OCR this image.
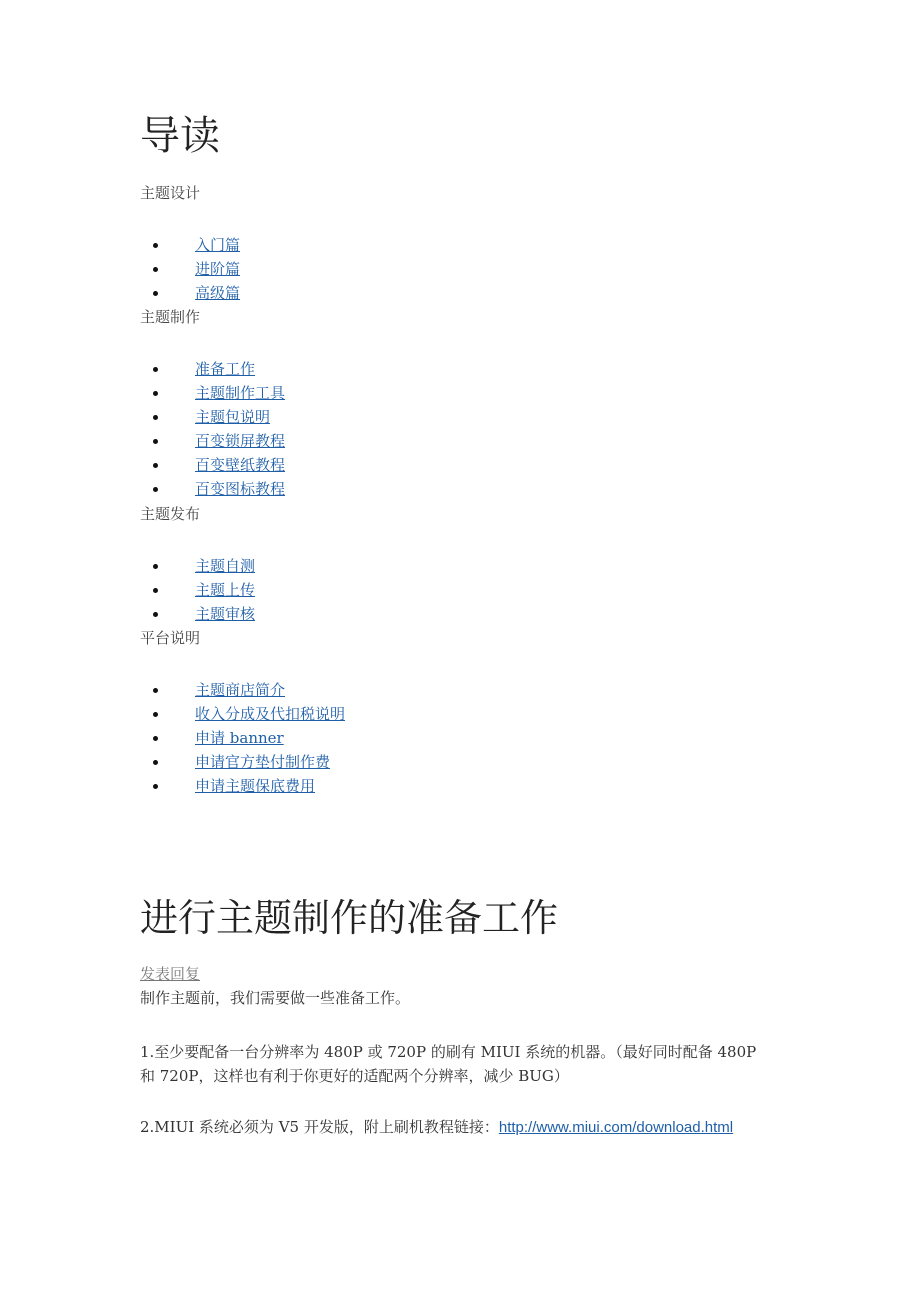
导读
主题设计
入门篇
进阶篇
高级篇
主题制作
准备工作
主题制作工具
主题包说明
百变锁屏教程
百变壁纸教程
百变图标教程
主题发布
主题自测
主题上传
主题审核
平台说明
主题商店简介
收入分成及代扣税说明
申请 banner
申请官方垫付制作费
申请主题保底费用
进行主题制作的准备工作
发表回复
制作主题前，我们需要做一些准备工作。
1.至少要配备一台分辨率为 480P 或 720P 的刷有 MIUI 系统的机器。（最好同时配备 480P
和 720P，这样也有利于你更好的适配两个分辨率，减少 BUG）
2.MIUI 系统必须为 V5 开发版，附上刷机教程链接：http://www.miui.com/download.html
